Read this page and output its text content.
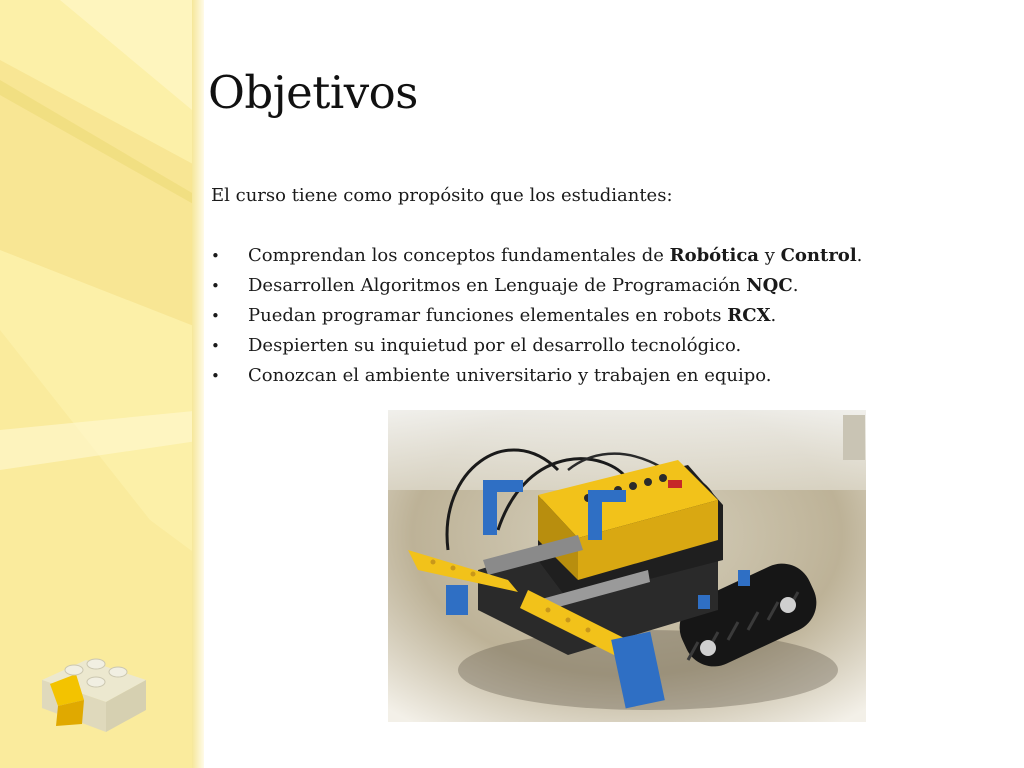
Objetivos

El curso tiene como propósito que los estudiantes:

• Comprendan los conceptos fundamentales de Robótica y Control.
• Desarrollen Algoritmos en Lenguaje de Programación NQC.
• Puedan programar funciones elementales en robots RCX.
• Despierten su inquietud por el desarrollo tecnológico.
• Conozcan el ambiente universitario y trabajen en equipo.
